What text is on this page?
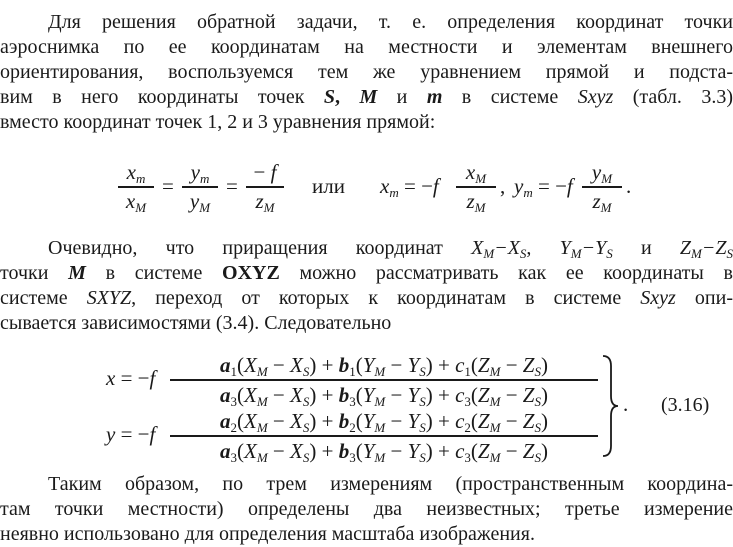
Для решения обратной задачи, т. е. определения координат точки
аэроснимка по ее координатам на местности и элементам внешнего
ориентирования, воспользуемся тем же уравнением прямой и подста-
вим в него координаты точек S, M и m в системе Sxyz (табл. 3.3)
вместо координат точек 1, 2 и 3 уравнения прямой:
$x_m$
$x_M$
=
$y_m$
$y_M$
=
− f
$z_M$
или $x_m = -f$
$x_M$
$z_M$
, $y_m = -f$
$y_M$
$z_M$
.
Очевидно, что приращения координат $X_M-X_S$, $Y_M-Y_S$ и $Z_M-Z_S$
точки M в системе OXYZ можно рассматривать как ее координаты в
системе SXYZ, переход от которых к координатам в системе Sxyz опи-
сывается зависимостями (3.4). Следовательно
x = −f
$a_1(X_M - X_S) + b_1(Y_M - Y_S) + c_1(Z_M - Z_S)$
$a_3(X_M - X_S) + b_3(Y_M - Y_S) + c_3(Z_M - Z_S)$
y = −f
$a_2(X_M - X_S) + b_2(Y_M - Y_S) + c_2(Z_M - Z_S)$
$a_3(X_M - X_S) + b_3(Y_M - Y_S) + c_3(Z_M - Z_S)$
. (3.16)
Таким образом, по трем измерениям (пространственным координа-
там точки местности) определены два неизвестных; третье измерение
неявно использовано для определения масштаба изображения.
